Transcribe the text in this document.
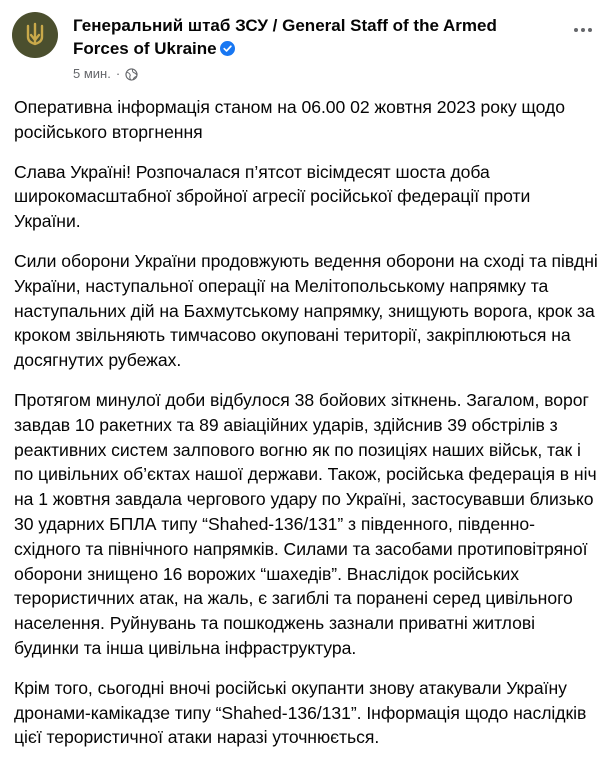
Генеральний штаб ЗСУ / General Staff of the Armed Forces of Ukraine
5 мин. ·

Оперативна інформація станом на 06.00 02 жовтня 2023 року щодо російського вторгнення

Слава Україні! Розпочалася п’ятсот вісімдесят шоста доба широкомасштабної збройної агресії російської федерації проти України.

Сили оборони України продовжують ведення оборони на сході та півдні України, наступальної операції на Мелітопольському напрямку та наступальних дій на Бахмутському напрямку, знищують ворога, крок за кроком звільняють тимчасово окуповані території, закріплюються на досягнутих рубежах.

Протягом минулої доби відбулося 38 бойових зіткнень. Загалом, ворог завдав 10 ракетних та 89 авіаційних ударів, здійснив 39 обстрілів з реактивних систем залпового вогню як по позиціях наших військ, так і по цивільних об’єктах нашої держави. Також, російська федерація в ніч на 1 жовтня завдала чергового удару по Україні, застосувавши близько 30 ударних БПЛА типу “Shahed-136/131” з південного, південно-східного та північного напрямків. Силами та засобами протиповітряної оборони знищено 16 ворожих “шахедів”. Внаслідок російських терористичних атак, на жаль, є загиблі та поранені серед цивільного населення. Руйнувань та пошкоджень зазнали приватні житлові будинки та інша цивільна інфраструктура.

Крім того, сьогодні вночі російські окупанти знову атакували Україну дронами-камікадзе типу “Shahed-136/131”. Інформація щодо наслідків цієї терористичної атаки наразі уточнюється.
